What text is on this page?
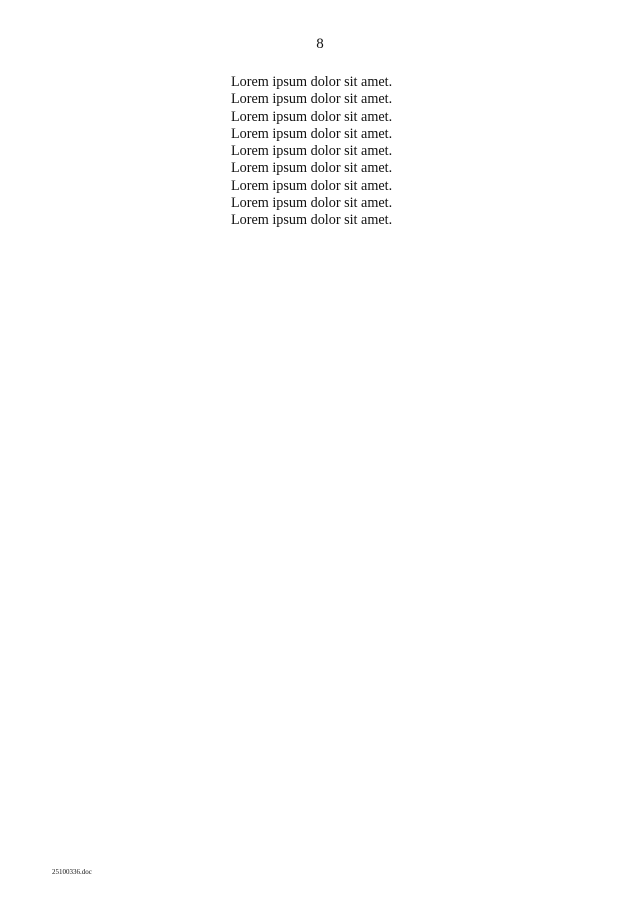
8

Lorem ipsum dolor sit amet.

Lorem ipsum dolor sit amet.

Lorem ipsum dolor sit amet.

Lorem ipsum dolor sit amet.

Lorem ipsum dolor sit amet.

Lorem ipsum dolor sit amet.

Lorem ipsum dolor sit amet.

Lorem ipsum dolor sit amet.

Lorem ipsum dolor sit amet.

25100336.doc
